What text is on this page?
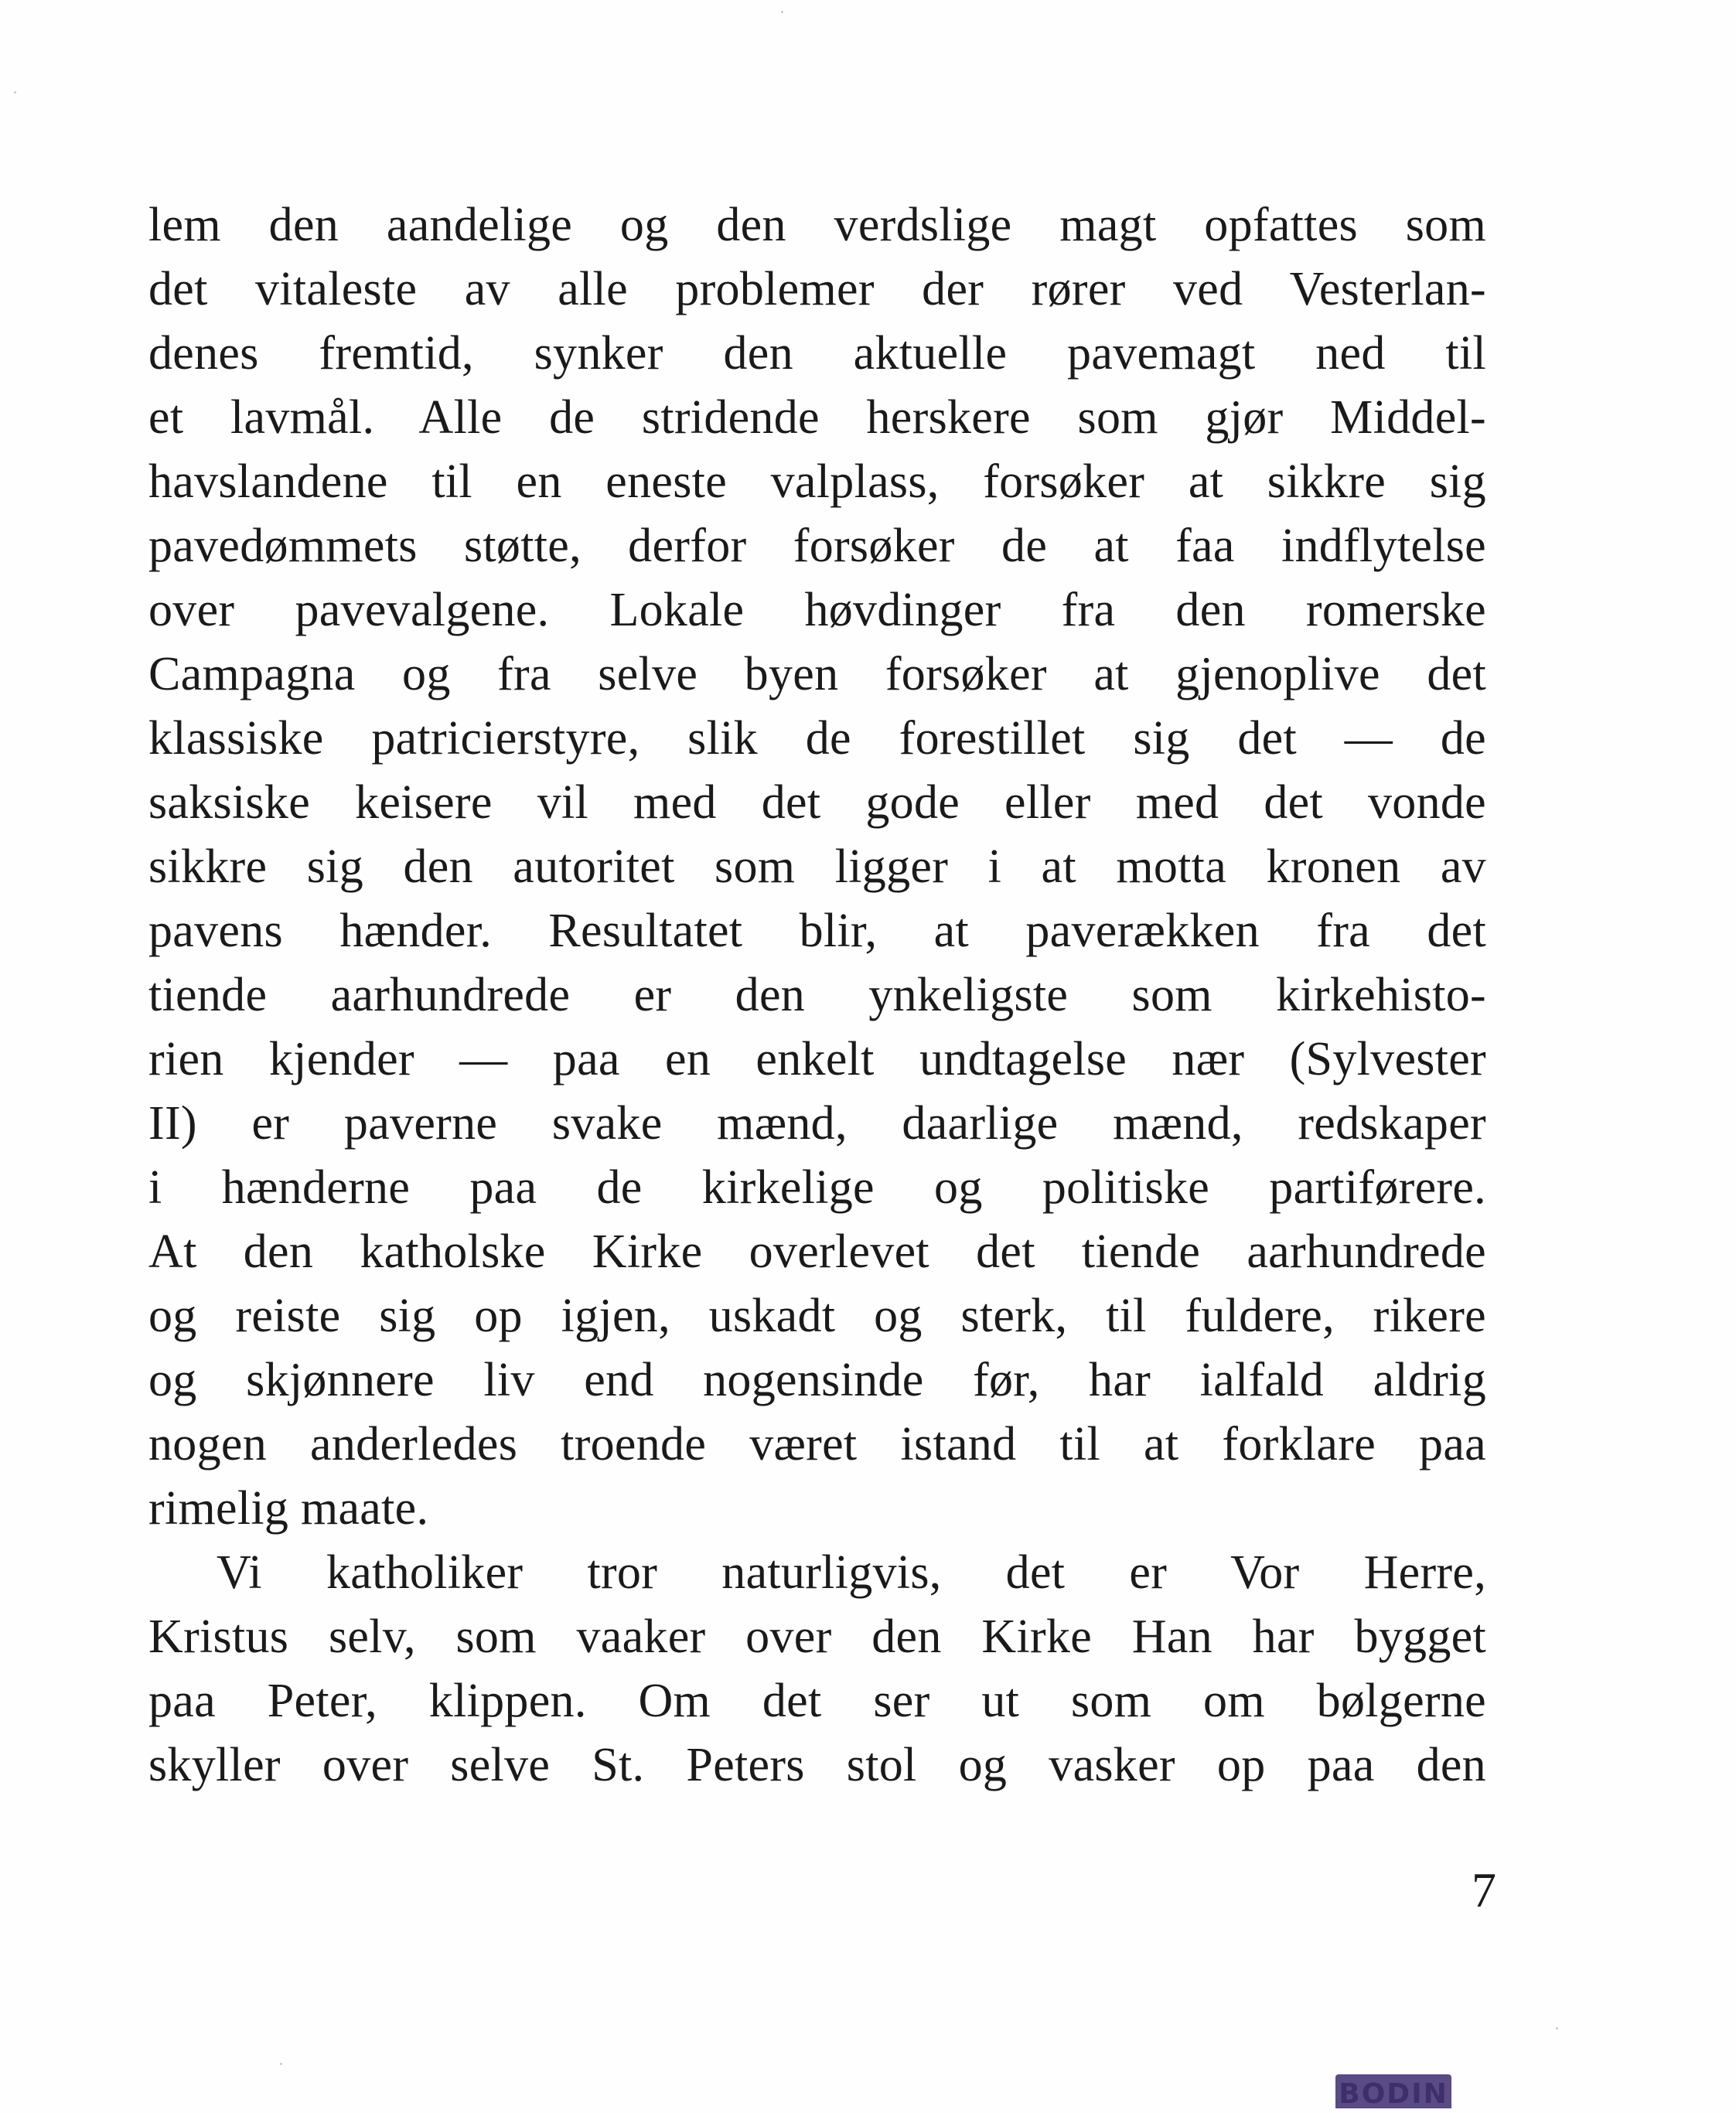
lem den aandelige og den verdslige magt opfattes som
det vitaleste av alle problemer der rører ved Vesterlan-
denes fremtid, synker den aktuelle pavemagt ned til
et lavmål. Alle de stridende herskere som gjør Middel-
havslandene til en eneste valplass, forsøker at sikkre sig
pavedømmets støtte, derfor forsøker de at faa indflytelse
over pavevalgene. Lokale høvdinger fra den romerske
Campagna og fra selve byen forsøker at gjenoplive det
klassiske patricierstyre, slik de forestillet sig det — de
saksiske keisere vil med det gode eller med det vonde
sikkre sig den autoritet som ligger i at motta kronen av
pavens hænder. Resultatet blir, at paverækken fra det
tiende aarhundrede er den ynkeligste som kirkehisto-
rien kjender — paa en enkelt undtagelse nær (Sylvester
II) er paverne svake mænd, daarlige mænd, redskaper
i hænderne paa de kirkelige og politiske partiførere.
At den katholske Kirke overlevet det tiende aarhundrede
og reiste sig op igjen, uskadt og sterk, til fuldere, rikere
og skjønnere liv end nogensinde før, har ialfald aldrig
nogen anderledes troende været istand til at forklare paa
rimelig maate.
Vi katholiker tror naturligvis, det er Vor Herre,
Kristus selv, som vaaker over den Kirke Han har bygget
paa Peter, klippen. Om det ser ut som om bølgerne
skyller over selve St. Peters stol og vasker op paa den
7
BODIN
